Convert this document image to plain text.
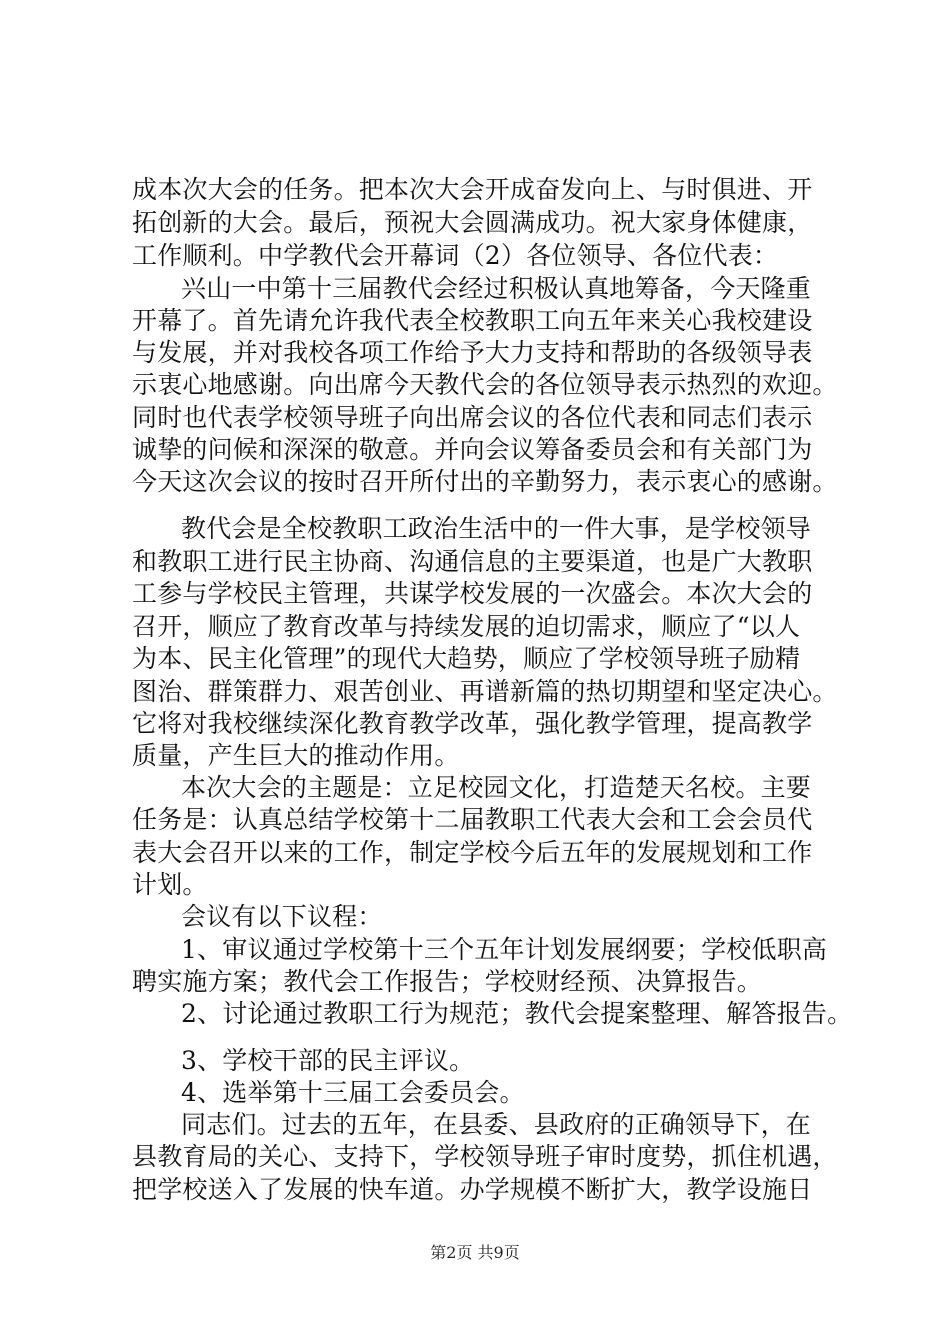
成本次大会的任务。把本次大会开成奋发向上、与时俱进、开
拓创新的大会。最后，预祝大会圆满成功。祝大家身体健康，
工作顺利。中学教代会开幕词（2）各位领导、各位代表：
兴山一中第十三届教代会经过积极认真地筹备，今天隆重
开幕了。首先请允许我代表全校教职工向五年来关心我校建设
与发展，并对我校各项工作给予大力支持和帮助的各级领导表
示衷心地感谢。向出席今天教代会的各位领导表示热烈的欢迎。
同时也代表学校领导班子向出席会议的各位代表和同志们表示
诚挚的问候和深深的敬意。并向会议筹备委员会和有关部门为
今天这次会议的按时召开所付出的辛勤努力，表示衷心的感谢。
教代会是全校教职工政治生活中的一件大事，是学校领导
和教职工进行民主协商、沟通信息的主要渠道，也是广大教职
工参与学校民主管理，共谋学校发展的一次盛会。本次大会的
召开，顺应了教育改革与持续发展的迫切需求，顺应了“以人
为本、民主化管理”的现代大趋势，顺应了学校领导班子励精
图治、群策群力、艰苦创业、再谱新篇的热切期望和坚定决心。
它将对我校继续深化教育教学改革，强化教学管理，提高教学
质量，产生巨大的推动作用。
本次大会的主题是：立足校园文化，打造楚天名校。主要
任务是：认真总结学校第十二届教职工代表大会和工会会员代
表大会召开以来的工作，制定学校今后五年的发展规划和工作
计划。
会议有以下议程：
1、审议通过学校第十三个五年计划发展纲要；学校低职高
聘实施方案；教代会工作报告；学校财经预、决算报告。
2、讨论通过教职工行为规范；教代会提案整理、解答报告。
3、学校干部的民主评议。
4、选举第十三届工会委员会。
同志们。过去的五年，在县委、县政府的正确领导下，在
县教育局的关心、支持下，学校领导班子审时度势，抓住机遇，
把学校送入了发展的快车道。办学规模不断扩大，教学设施日
第2页 共9页
